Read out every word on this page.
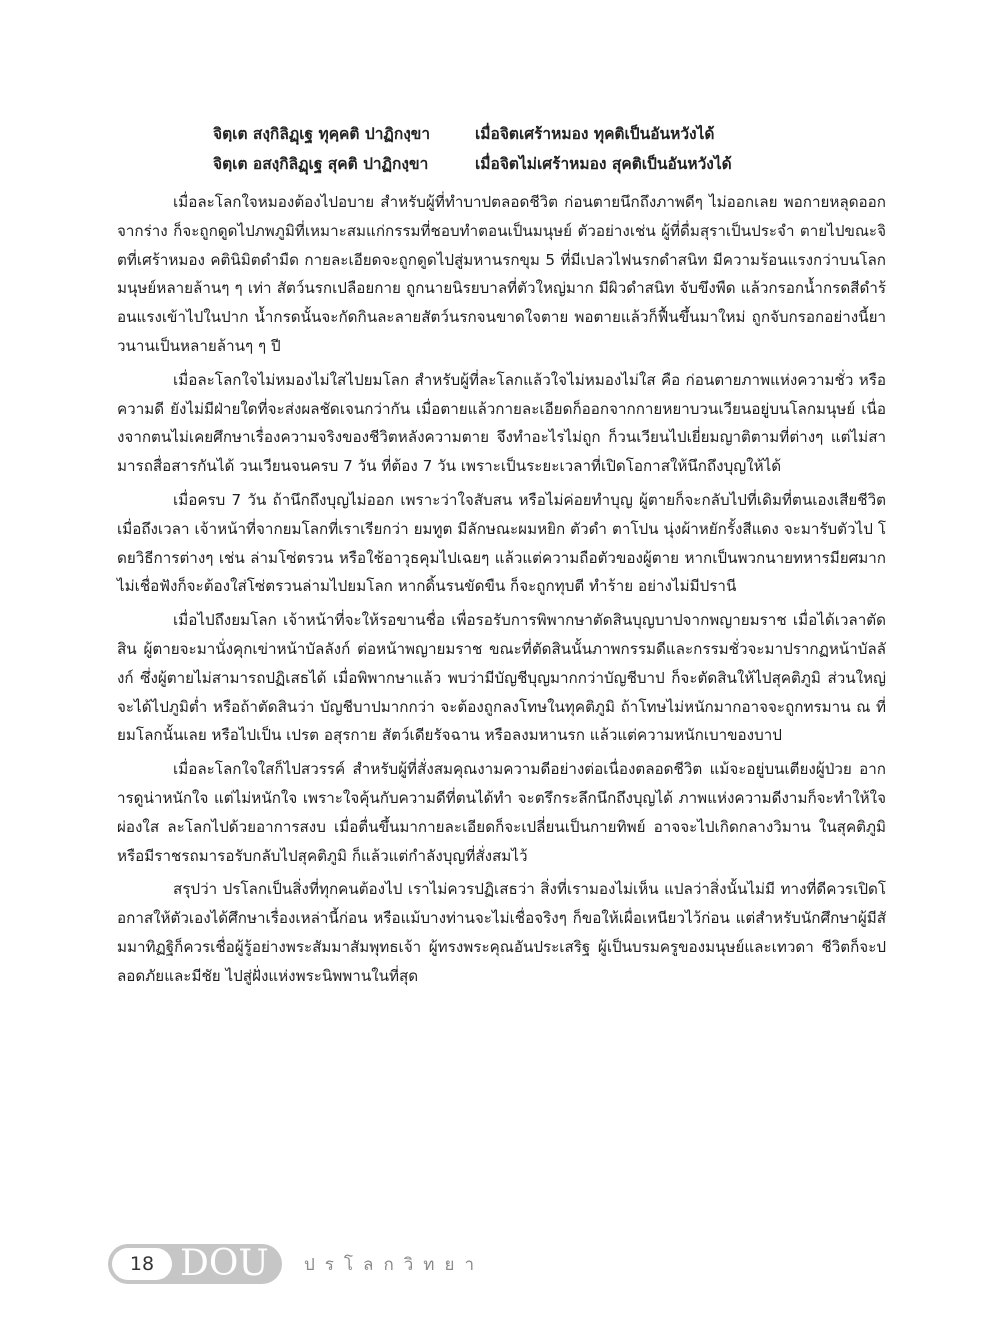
จิตฺเต สงฺกิลิฏฺเฐ ทุคฺคติ ปาฏิกงฺขา	เมื่อจิตเศร้าหมอง ทุคติเป็นอันหวังได้
จิตฺเต อสงฺกิลิฏฺเฐ สุคติ ปาฏิกงฺขา	เมื่อจิตไม่เศร้าหมอง สุคติเป็นอันหวังได้

เมื่อละโลกใจหมองต้องไปอบาย สำหรับผู้ที่ทำบาปตลอดชีวิต ก่อนตายนึกถึงภาพดีๆ ไม่ออกเลย พอกายหลุดออกจากร่าง ก็จะถูกดูดไปภพภูมิที่เหมาะสมแก่กรรมที่ชอบทำตอนเป็นมนุษย์ ตัวอย่างเช่น ผู้ที่ดื่มสุราเป็นประจำ ตายไปขณะจิตที่เศร้าหมอง คตินิมิตดำมืด กายละเอียดจะถูกดูดไปสู่มหานรกขุม 5 ที่มีเปลวไฟนรกดำสนิท มีความร้อนแรงกว่าบนโลกมนุษย์หลายล้านๆ ๆ เท่า สัตว์นรกเปลือยกาย ถูกนายนิรยบาลที่ตัวใหญ่มาก มีผิวดำสนิท จับขึงพืด แล้วกรอกน้ำกรดสีดำร้อนแรงเข้าไปในปาก น้ำกรดนั้นจะกัดกินละลายสัตว์นรกจนขาดใจตาย พอตายแล้วก็ฟื้นขึ้นมาใหม่ ถูกจับกรอกอย่างนี้ยาวนานเป็นหลายล้านๆ ๆ ปี

เมื่อละโลกใจไม่หมองไม่ใสไปยมโลก สำหรับผู้ที่ละโลกแล้วใจไม่หมองไม่ใส คือ ก่อนตายภาพแห่งความชั่ว หรือความดี ยังไม่มีฝ่ายใดที่จะส่งผลชัดเจนกว่ากัน เมื่อตายแล้วกายละเอียดก็ออกจากกายหยาบวนเวียนอยู่บนโลกมนุษย์ เนื่องจากตนไม่เคยศึกษาเรื่องความจริงของชีวิตหลังความตาย จึงทำอะไรไม่ถูก ก็วนเวียนไปเยี่ยมญาติตามที่ต่างๆ แต่ไม่สามารถสื่อสารกันได้ วนเวียนจนครบ 7 วัน ที่ต้อง 7 วัน เพราะเป็นระยะเวลาที่เปิดโอกาสให้นึกถึงบุญให้ได้

เมื่อครบ 7 วัน ถ้านึกถึงบุญไม่ออก เพราะว่าใจสับสน หรือไม่ค่อยทำบุญ ผู้ตายก็จะกลับไปที่เดิมที่ตนเองเสียชีวิต เมื่อถึงเวลา เจ้าหน้าที่จากยมโลกที่เราเรียกว่า ยมทูต มีลักษณะผมหยิก ตัวดำ ตาโปน นุ่งผ้าหยักรั้งสีแดง จะมารับตัวไป โดยวิธีการต่างๆ เช่น ล่ามโซ่ตรวน หรือใช้อาวุธคุมไปเฉยๆ แล้วแต่ความถือตัวของผู้ตาย หากเป็นพวกนายทหารมียศมาก ไม่เชื่อฟังก็จะต้องใส่โซ่ตรวนล่ามไปยมโลก หากดิ้นรนขัดขืน ก็จะถูกทุบตี ทำร้าย อย่างไม่มีปรานี

เมื่อไปถึงยมโลก เจ้าหน้าที่จะให้รอขานชื่อ เพื่อรอรับการพิพากษาตัดสินบุญบาปจากพญายมราช เมื่อได้เวลาตัดสิน ผู้ตายจะมานั่งคุกเข่าหน้าบัลลังก์ ต่อหน้าพญายมราช ขณะที่ตัดสินนั้นภาพกรรมดีและกรรมชั่วจะมาปรากฏหน้าบัลลังก์ ซึ่งผู้ตายไม่สามารถปฏิเสธได้ เมื่อพิพากษาแล้ว พบว่ามีบัญชีบุญมากกว่าบัญชีบาป ก็จะตัดสินให้ไปสุคติภูมิ ส่วนใหญ่จะได้ไปภูมิต่ำ หรือถ้าตัดสินว่า บัญชีบาปมากกว่า จะต้องถูกลงโทษในทุคติภูมิ ถ้าโทษไม่หนักมากอาจจะถูกทรมาน ณ ที่ยมโลกนั้นเลย หรือไปเป็น เปรต อสุรกาย สัตว์เดียรัจฉาน หรือลงมหานรก แล้วแต่ความหนักเบาของบาป

เมื่อละโลกใจใสก็ไปสวรรค์ สำหรับผู้ที่สั่งสมคุณงามความดีอย่างต่อเนื่องตลอดชีวิต แม้จะอยู่บนเตียงผู้ป่วย อาการดูน่าหนักใจ แต่ไม่หนักใจ เพราะใจคุ้นกับความดีที่ตนได้ทำ จะตรึกระลึกนึกถึงบุญได้ ภาพแห่งความดีงามก็จะทำให้ใจผ่องใส ละโลกไปด้วยอาการสงบ เมื่อตื่นขึ้นมากายละเอียดก็จะเปลี่ยนเป็นกายทิพย์ อาจจะไปเกิดกลางวิมาน ในสุคติภูมิ หรือมีราชรถมารอรับกลับไปสุคติภูมิ ก็แล้วแต่กำลังบุญที่สั่งสมไว้

สรุปว่า ปรโลกเป็นสิ่งที่ทุกคนต้องไป เราไม่ควรปฏิเสธว่า สิ่งที่เรามองไม่เห็น แปลว่าสิ่งนั้นไม่มี ทางที่ดีควรเปิดโอกาสให้ตัวเองได้ศึกษาเรื่องเหล่านี้ก่อน หรือแม้บางท่านจะไม่เชื่อจริงๆ ก็ขอให้เผื่อเหนียวไว้ก่อน แต่สำหรับนักศึกษาผู้มีสัมมาทิฏฐิก็ควรเชื่อผู้รู้อย่างพระสัมมาสัมพุทธเจ้า ผู้ทรงพระคุณอันประเสริฐ ผู้เป็นบรมครูของมนุษย์และเทวดา ชีวิตก็จะปลอดภัยและมีชัย ไปสู่ฝั่งแห่งพระนิพพานในที่สุด

18 DOU ปรโลกวิทยา
